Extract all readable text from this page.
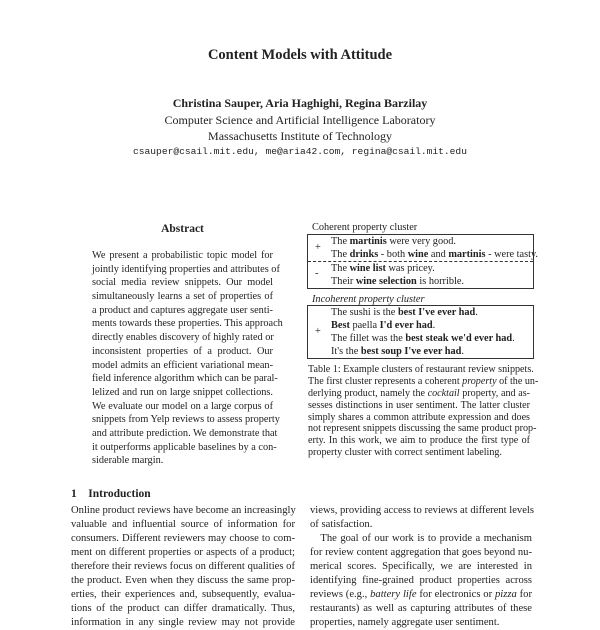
Content Models with Attitude
Christina Sauper, Aria Haghighi, Regina Barzilay
Computer Science and Artificial Intelligence Laboratory
Massachusetts Institute of Technology
csauper@csail.mit.edu, me@aria42.com, regina@csail.mit.edu
Abstract
We present a probabilistic topic model for
jointly identifying properties and attributes of
social media review snippets. Our model
simultaneously learns a set of properties of
a product and captures aggregate user senti-
ments towards these properties. This approach
directly enables discovery of highly rated or
inconsistent properties of a product. Our
model admits an efficient variational mean-
field inference algorithm which can be paral-
lelized and run on large snippet collections.
We evaluate our model on a large corpus of
snippets from Yelp reviews to assess property
and attribute prediction. We demonstrate that
it outperforms applicable baselines by a con-
siderable margin.
Coherent property cluster
+
The martinis were very good.
The drinks - both wine and martinis - were tasty.
-	The wine list was pricey.
Their wine selection is horrible.
Incoherent property cluster
+
The sushi is the best I've ever had.
Best paella I'd ever had.
The fillet was the best steak we'd ever had.
It's the best soup I've ever had.
Table 1: Example clusters of restaurant review snippets.
The first cluster represents a coherent property of the un-
derlying product, namely the cocktail property, and as-
sesses distinctions in user sentiment. The latter cluster
simply shares a common attribute expression and does
not represent snippets discussing the same product prop-
erty. In this work, we aim to produce the first type of
property cluster with correct sentiment labeling.
1 Introduction
Online product reviews have become an increasingly
valuable and influential source of information for
consumers. Different reviewers may choose to com-
ment on different properties or aspects of a product;
therefore their reviews focus on different qualities of
the product. Even when they discuss the same prop-
erties, their experiences and, subsequently, evalua-
tions of the product can differ dramatically. Thus,
information in any single review may not provide
views, providing access to reviews at different levels
of satisfaction.
The goal of our work is to provide a mechanism
for review content aggregation that goes beyond nu-
merical scores. Specifically, we are interested in
identifying fine-grained product properties across
reviews (e.g., battery life for electronics or pizza for
restaurants) as well as capturing attributes of these
properties, namely aggregate user sentiment.
